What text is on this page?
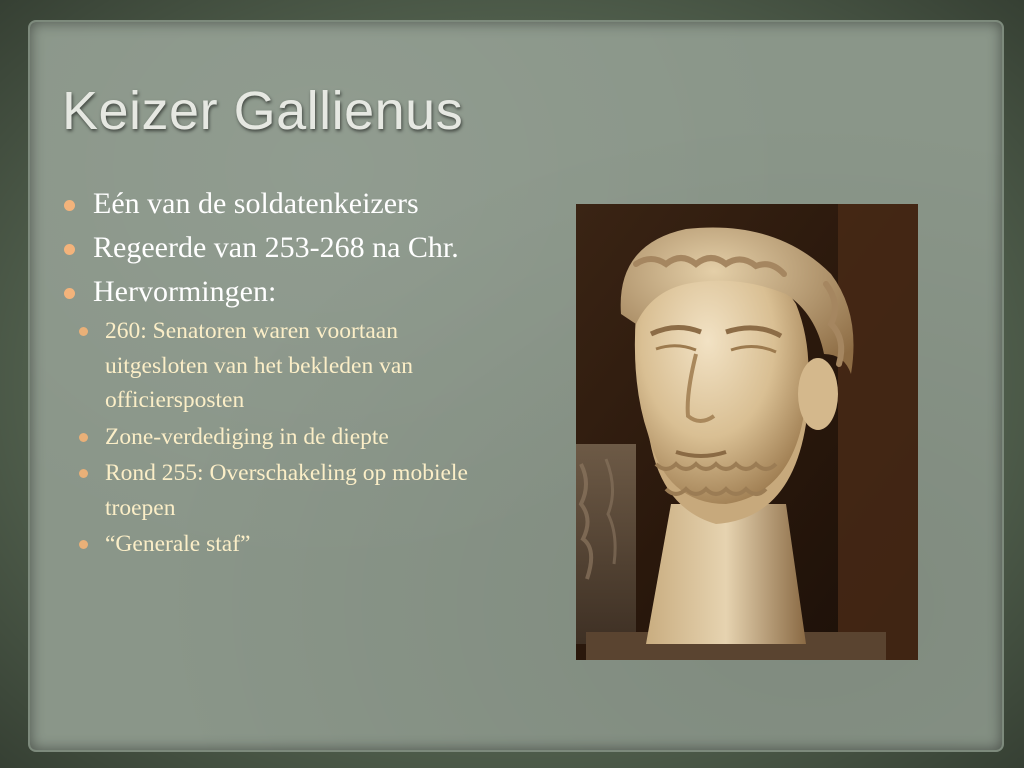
Keizer Gallienus
Eén van de soldatenkeizers
Regeerde van 253-268 na Chr.
Hervormingen:
260: Senatoren waren voortaan uitgesloten van het bekleden van officiersposten
Zone-verdediging in de diepte
Rond 255: Overschakeling op mobiele troepen
“Generale staf”
